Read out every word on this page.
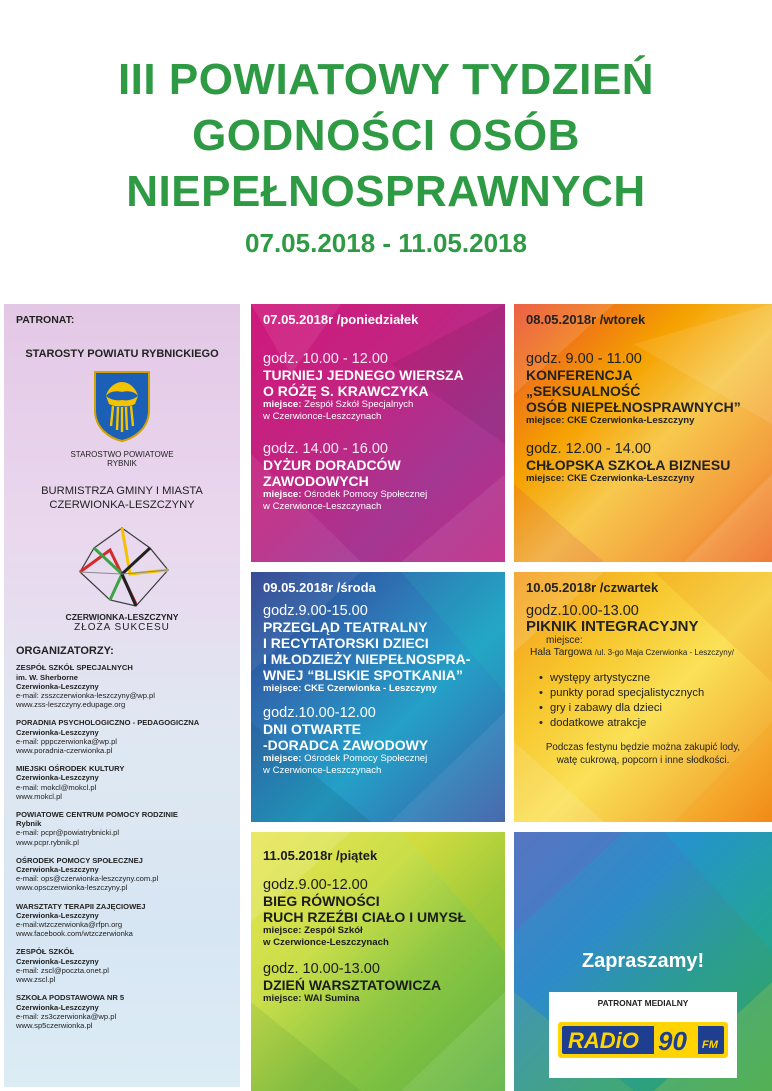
III POWIATOWY TYDZIEŃ
GODNOŚCI OSÓB
NIEPEŁNOSPRAWNYCH
07.05.2018 - 11.05.2018
PATRONAT:
STAROSTY POWIATU RYBNICKIEGO
STAROSTWO POWIATOWE
RYBNIK
BURMISTRZA GMINY I MIASTA
CZERWIONKA-LESZCZYNY
CZERWIONKA-LESZCZYNY
ZŁOŻA SUKCESU
ORGANIZATORZY:
ZESPÓŁ SZKÓŁ SPECJALNYCH
im. W. Sherborne
Czerwionka-Leszczyny
e-mail: zsszczerwionka-leszczyny@wp.pl
www.zss-leszczyny.edupage.org
PORADNIA PSYCHOLOGICZNO - PEDAGOGICZNA
Czerwionka-Leszczyny
e-mail: pppczerwionka@wp.pl
www.poradnia-czerwionka.pl
MIEJSKI OŚRODEK KULTURY
Czerwionka-Leszczyny
e-mail: mokcl@mokcl.pl
www.mokcl.pl
POWIATOWE CENTRUM POMOCY RODZINIE
Rybnik
e-mail: pcpr@powiatrybnicki.pl
www.pcpr.rybnik.pl
OŚRODEK POMOCY SPOŁECZNEJ
Czerwionka-Leszczyny
e-mail: ops@czerwionka-leszczyny.com.pl
www.opsczerwionka-leszczyny.pl
WARSZTATY TERAPII ZAJĘCIOWEJ
Czerwionka-Leszczyny
e-mail:wtzczerwionka@rfpn.org
www.facebook.com/wtzczerwionka
ZESPÓŁ SZKÓŁ
Czerwionka-Leszczyny
e-mail: zscl@poczta.onet.pl
www.zscl.pl
SZKOŁA PODSTAWOWA NR 5
Czerwionka-Leszczyny
e-mail: zs3czerwionka@wp.pl
www.sp5czerwionka.pl
07.05.2018r /poniedziałek
godz. 10.00 - 12.00
TURNIEJ JEDNEGO WIERSZA
O RÓŻĘ S. KRAWCZYKA
miejsce: Zespół Szkół Specjalnych
w Czerwionce-Leszczynach
godz. 14.00 - 16.00
DYŻUR DORADCÓW
ZAWODOWYCH
miejsce: Ośrodek Pomocy Społecznej
w Czerwionce-Leszczynach
08.05.2018r /wtorek
godz. 9.00 - 11.00
KONFERENCJA
„SEKSUALNOŚĆ
OSÓB NIEPEŁNOSPRAWNYCH”
miejsce: CKE Czerwionka-Leszczyny
godz. 12.00 - 14.00
CHŁOPSKA SZKOŁA BIZNESU
miejsce: CKE Czerwionka-Leszczyny
09.05.2018r /środa
godz.9.00-15.00
PRZEGLĄD TEATRALNY
I RECYTATORSKI DZIECI
I MŁODZIEŻY NIEPEŁNOSPRA-
WNEJ “BLISKIE SPOTKANIA”
miejsce: CKE Czerwionka - Leszczyny
godz.10.00-12.00
DNI OTWARTE
-DORADCA ZAWODOWY
miejsce: Ośrodek Pomocy Społecznej
w Czerwionce-Leszczynach
10.05.2018r /czwartek
godz.10.00-13.00
PIKNIK INTEGRACYJNY
miejsce:
Hala Targowa /ul. 3-go Maja Czerwionka - Leszczyny/
• występy artystyczne
• punkty porad specjalistycznych
• gry i zabawy dla dzieci
• dodatkowe atrakcje
Podczas festynu będzie można zakupić lody,
watę cukrową, popcorn i inne słodkości.
11.05.2018r /piątek
godz.9.00-12.00
BIEG RÓWNOŚCI
RUCH RZEŹBI CIAŁO I UMYSŁ
miejsce: Zespół Szkół
w Czerwionce-Leszczynach
godz. 10.00-13.00
DZIEŃ WARSZTATOWICZA
miejsce: WAI Sumina
Zapraszamy!
PATRONAT MEDIALNY
RADiO 90 FM
